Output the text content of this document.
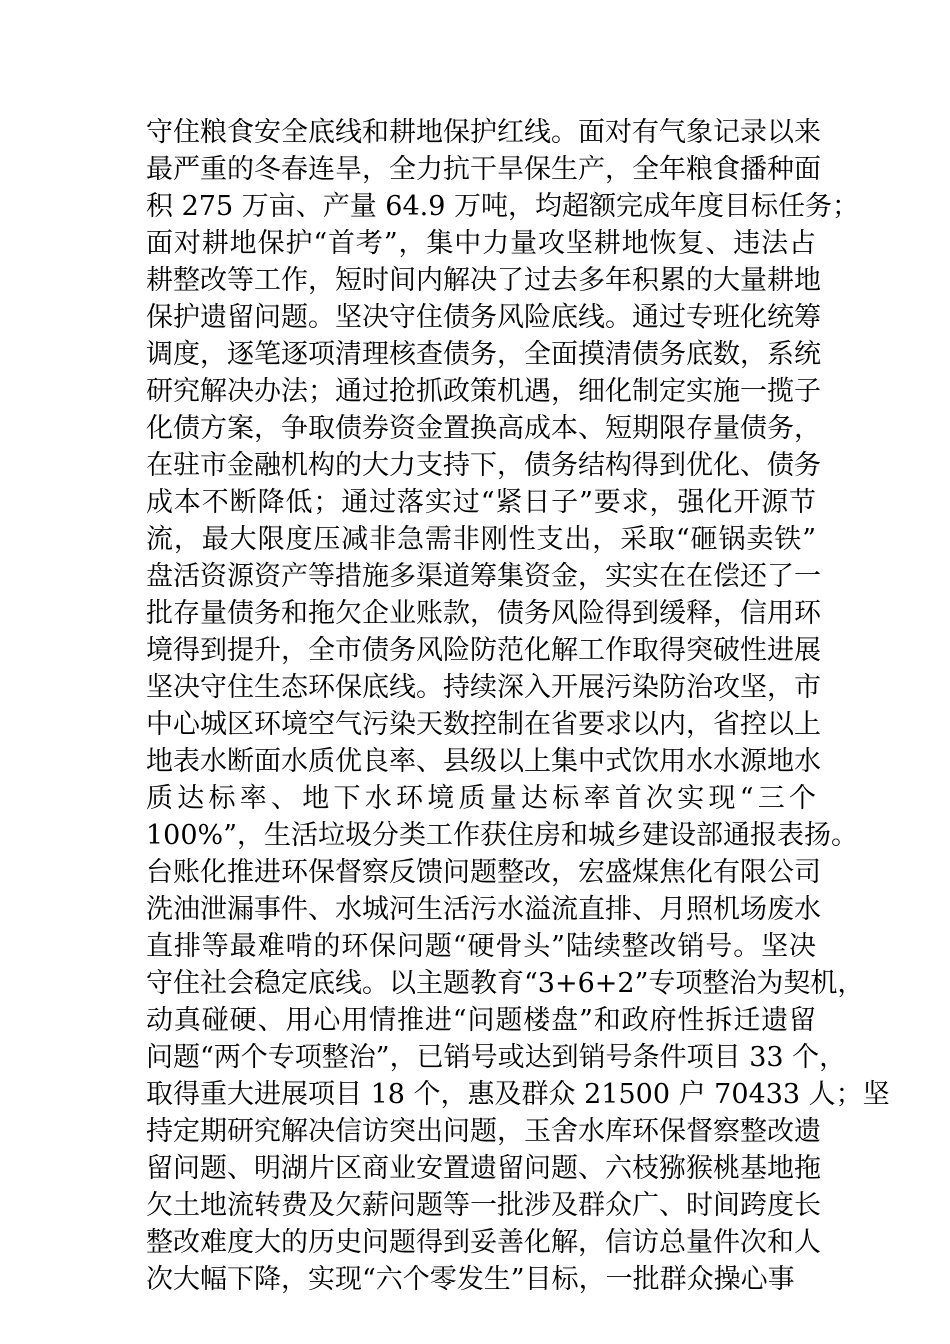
守住粮食安全底线和耕地保护红线。面对有气象记录以来
最严重的冬春连旱，全力抗干旱保生产，全年粮食播种面
积 275 万亩、产量 64.9 万吨，均超额完成年度目标任务；
面对耕地保护“首考”，集中力量攻坚耕地恢复、违法占
耕整改等工作，短时间内解决了过去多年积累的大量耕地
保护遗留问题。坚决守住债务风险底线。通过专班化统筹
调度，逐笔逐项清理核查债务，全面摸清债务底数，系统
研究解决办法；通过抢抓政策机遇，细化制定实施一揽子
化债方案，争取债券资金置换高成本、短期限存量债务，
在驻市金融机构的大力支持下，债务结构得到优化、债务
成本不断降低；通过落实过“紧日子”要求，强化开源节
流，最大限度压减非急需非刚性支出，采取“砸锅卖铁”
盘活资源资产等措施多渠道筹集资金，实实在在偿还了一
批存量债务和拖欠企业账款，债务风险得到缓释，信用环
境得到提升，全市债务风险防范化解工作取得突破性进展
坚决守住生态环保底线。持续深入开展污染防治攻坚，市
中心城区环境空气污染天数控制在省要求以内，省控以上
地表水断面水质优良率、县级以上集中式饮用水水源地水
质达标率、地下水环境质量达标率首次实现“三个
100%”，生活垃圾分类工作获住房和城乡建设部通报表扬。
台账化推进环保督察反馈问题整改，宏盛煤焦化有限公司
洗油泄漏事件、水城河生活污水溢流直排、月照机场废水
直排等最难啃的环保问题“硬骨头”陆续整改销号。坚决
守住社会稳定底线。以主题教育“3+6+2”专项整治为契机，
动真碰硬、用心用情推进“问题楼盘”和政府性拆迁遗留
问题“两个专项整治”，已销号或达到销号条件项目 33 个，
取得重大进展项目 18 个，惠及群众 21500 户 70433 人；坚
持定期研究解决信访突出问题，玉舍水库环保督察整改遗
留问题、明湖片区商业安置遗留问题、六枝猕猴桃基地拖
欠土地流转费及欠薪问题等一批涉及群众广、时间跨度长
整改难度大的历史问题得到妥善化解，信访总量件次和人
次大幅下降，实现“六个零发生”目标，一批群众操心事
